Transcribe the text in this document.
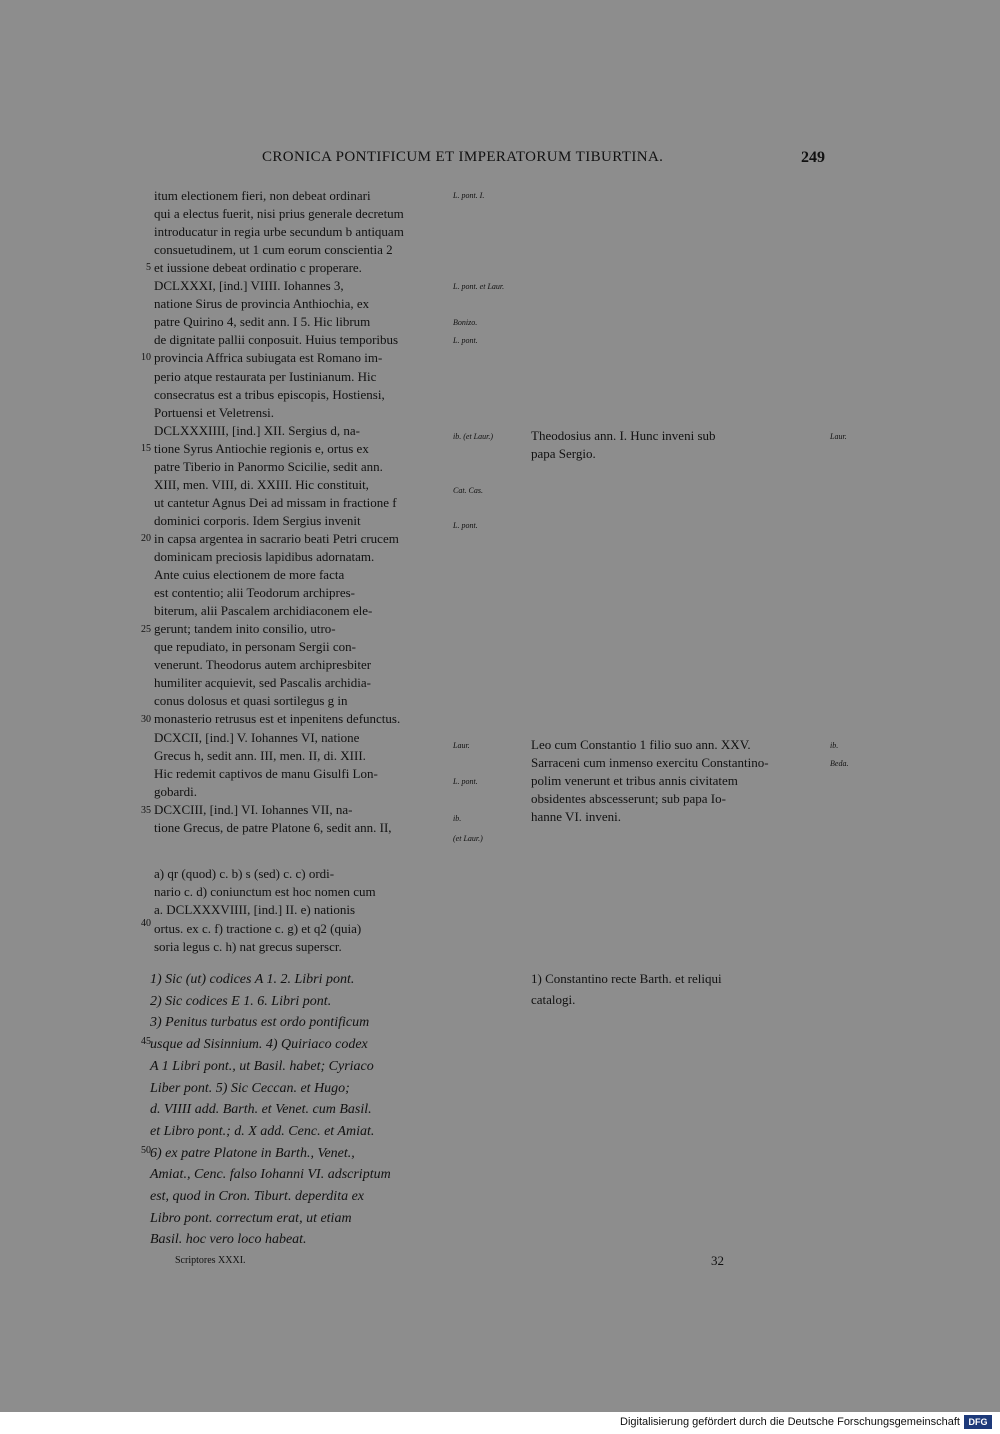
CRONICA PONTIFICUM ET IMPERATORUM TIBURTINA.	249
itum electionem fieri, non debeat ordinari
qui a electus fuerit, nisi prius generale decretum
introducatur in regia urbe secundum b antiquam
consuetudinem, ut 1 cum eorum conscientia 2
et iussione debeat ordinatio c properare.
DCLXXXI, [ind.] VIIII. Iohannes 3,
natione Sirus de provincia Anthiochia, ex
patre Quirino 4, sedit ann. I 5. Hic librum
de dignitate pallii conposuit. Huius temporibus
provincia Affrica subiugata est Romano im-
perio atque restaurata per Iustinianum. Hic
consecratus est a tribus episcopis, Hostiensi,
Portuensi et Veletrensi.
DCLXXXIIII, [ind.] XII. Sergius d, na-
tione Syrus Antiochie regionis e, ortus ex
patre Tiberio in Panormo Scicilie, sedit ann.
XIII, men. VIII, di. XXIII. Hic constituit,
ut cantetur Agnus Dei ad missam in fractione f
dominici corporis. Idem Sergius invenit
in capsa argentea in sacrario beati Petri crucem
dominicam preciosis lapidibus adornatam.
Ante cuius electionem de more facta
est contentio; alii Teodorum archipres-
biterum, alii Pascalem archidiaconem ele-
gerunt; tandem inito consilio, utro-
que repudiato, in personam Sergii con-
venerunt. Theodorus autem archipresbiter
humiliter acquievit, sed Pascalis archidia-
conus dolosus et quasi sortilegus g in
monasterio retrusus est et inpenitens defunctus.
DCXCII, [ind.] V. Iohannes VI, natione
Grecus h, sedit ann. III, men. II, di. XIII.
Hic redemit captivos de manu Gisulfi Lon-
gobardi.
DCXCIII, [ind.] VI. Iohannes VII, na-
tione Grecus, de patre Platone 6, sedit ann. II,
5
10
15
20
25
30
35
40
45
50
L. pont. I.
L. pont. et Laur.
Bonizo.
L. pont.
ib. (et Laur.)
Cat. Cas.
L. pont.
Laur.
L. pont.
ib.
(et Laur.)
a) qr (quod) c. b) s (sed) c. c) ordi-
nario c. d) coniunctum est hoc nomen cum
a. DCLXXXVIIII, [ind.] II. e) nationis
ortus. ex c. f) tractione c. g) et q2 (quia)
soria legus c. h) nat grecus superscr.
1) Sic (ut) codices A 1. 2. Libri pont.
2) Sic codices E 1. 6. Libri pont.
3) Penitus turbatus est ordo pontificum
usque ad Sisinnium. 4) Quiriaco codex
A 1 Libri pont., ut Basil. habet; Cyriaco
Liber pont. 5) Sic Ceccan. et Hugo;
d. VIIII add. Barth. et Venet. cum Basil.
et Libro pont.; d. X add. Cenc. et Amiat.
6) ex patre Platone in Barth., Venet.,
Amiat., Cenc. falso Iohanni VI. adscriptum
est, quod in Cron. Tiburt. deperdita ex
Libro pont. correctum erat, ut etiam
Basil. hoc vero loco habeat.
Theodosius ann. I. Hunc inveni sub
papa Sergio.
Laur.
Leo cum Constantio 1 filio suo ann. XXV.
Sarraceni cum inmenso exercitu Constantino-
polim venerunt et tribus annis civitatem
obsidentes abscesserunt; sub papa Io-
hanne VI. inveni.
ib.
Beda.
1) Constantino recte Barth. et reliqui
catalogi.
Scriptores XXXI.	32
Digitalisierung gefördert durch die Deutsche Forschungsgemeinschaft DFG
